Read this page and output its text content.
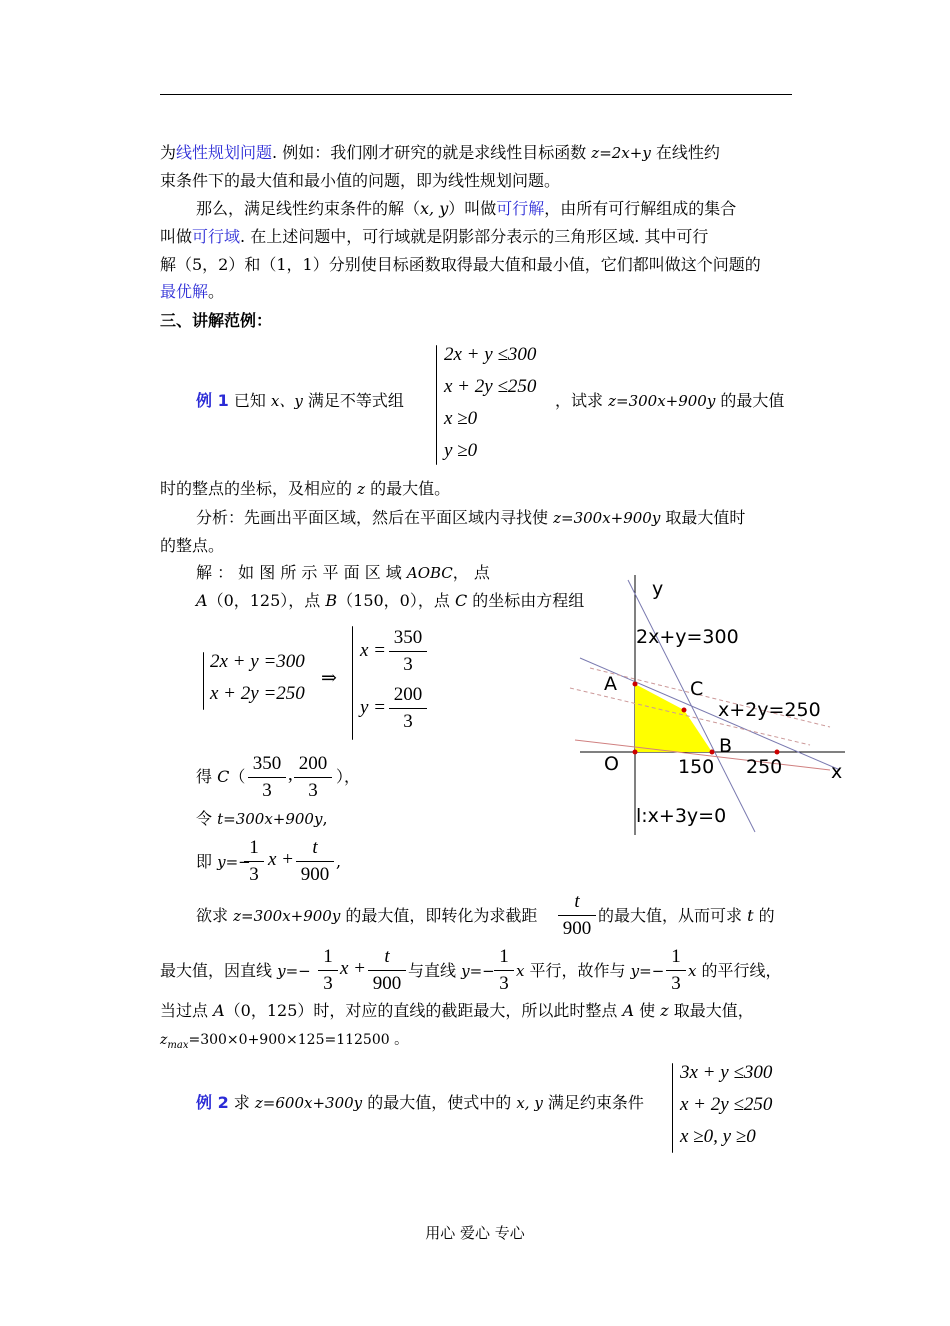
为线性规划问题. 例如：我们刚才研究的就是求线性目标函数 z=2x+y 在线性约
束条件下的最大值和最小值的问题，即为线性规划问题。
那么，满足线性约束条件的解（x, y）叫做可行解，由所有可行解组成的集合
叫做可行域. 在上述问题中，可行域就是阴影部分表示的三角形区域. 其中可行
解（5，2）和（1，1）分别使目标函数取得最大值和最小值，它们都叫做这个问题的
最优解。
三、讲解范例：
例 1 已知 x、y 满足不等式组
2x + y ≤300
x + 2y ≤250
x ≥0
y ≥0
，试求 z=300x+900y 的最大值
时的整点的坐标，及相应的 z 的最大值。
分析：先画出平面区域，然后在平面区域内寻找使 z=300x+900y 取最大值时
的整点。
解 ： 如 图 所 示 平 面 区 域 AOBC， 点
A（0，125），点 B（150，0），点 C 的坐标由方程组
2x + y =300
x + 2y =250
⇒
x =
350
3
y =
200
3
得 C（
350
3
,
200
3
），
令 t=300x+900y,
即 y=−
1
3
x +
t
900
,
欲求 z=300x+900y 的最大值，即转化为求截距
t
900
的最大值，从而可求 t 的
最大值，因直线 y=−
1
3
x +
t
900
与直线 y=−
1
3
x 平行，故作与 y=−
1
3
x 的平行线，
当过点 A（0，125）时，对应的直线的截距最大，所以此时整点 A 使 z 取最大值，
$z_{max}=300\times 0+900\times 125=112500$ 。
例 2 求 z=600x+300y 的最大值，使式中的 x, y 满足约束条件
3x + y ≤300
x + 2y ≤250
x ≥0, y ≥0
y
x
2x+y=300
x+2y=250
l:x+3y=0
A	C
B
O	150 250
用心 爱心 专心
